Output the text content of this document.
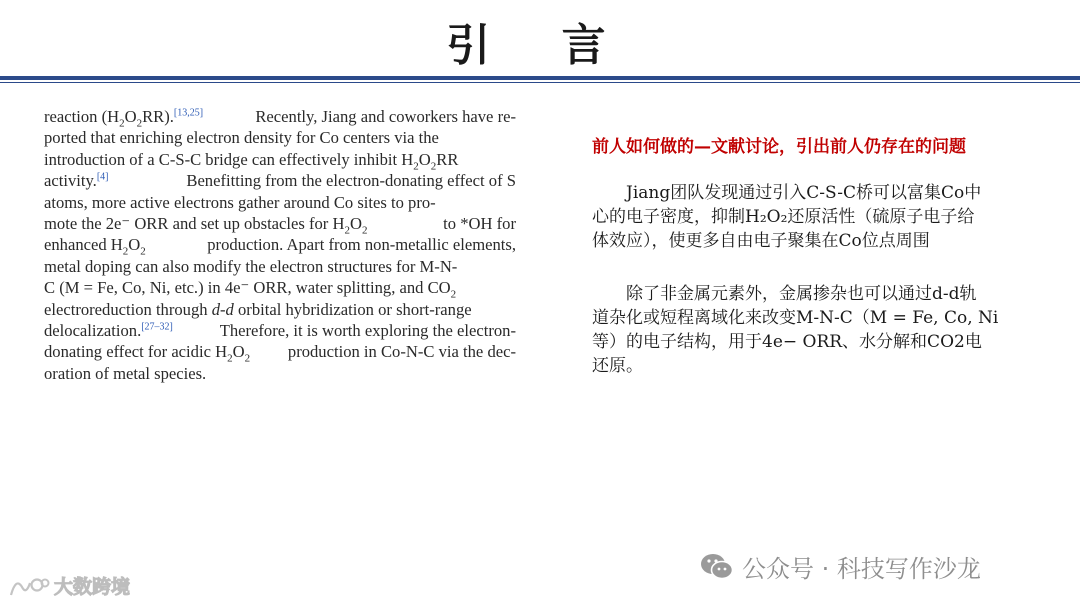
引 言
reaction $(H_2O_2RR).[13,25]$	Recently, Jiang and coworkers have re-
ported that enriching electron density for Co centers via the
introduction of a C-S-C bridge can effectively inhibit $H_2O_2RR$
activity.[4]	Benefitting from the electron-donating effect of S
atoms, more active electrons gather around Co sites to pro-
mote the 2e⁻ ORR and set up obstacles for $H_2O_2$	to *OH for
enhanced $H_2O_2$	production. Apart from non-metallic elements,
metal doping can also modify the electron structures for M-N-
C (M = Fe, Co, Ni, etc.) in 4e⁻ ORR, water splitting, and $CO_2$
electroreduction through d-d orbital hybridization or short-range
delocalization.[27–32]	Therefore, it is worth exploring the electron-
donating effect for acidic $H_2O_2$ production in Co-N-C via the dec-
oration of metal species.
前人如何做的—文献讨论，引出前人仍存在的问题
　　Jiang团队发现通过引入C-S-C桥可以富集Co中
心的电子密度，抑制H₂O₂还原活性（硫原子电子给
体效应），使更多自由电子聚集在Co位点周围
　　除了非金属元素外，金属掺杂也可以通过d-d轨
道杂化或短程离域化来改变M-N-C（M = Fe, Co, Ni
等）的电子结构，用于4e− ORR、水分解和CO2电
还原。
公众号 · 科技写作沙龙
大数跨境
